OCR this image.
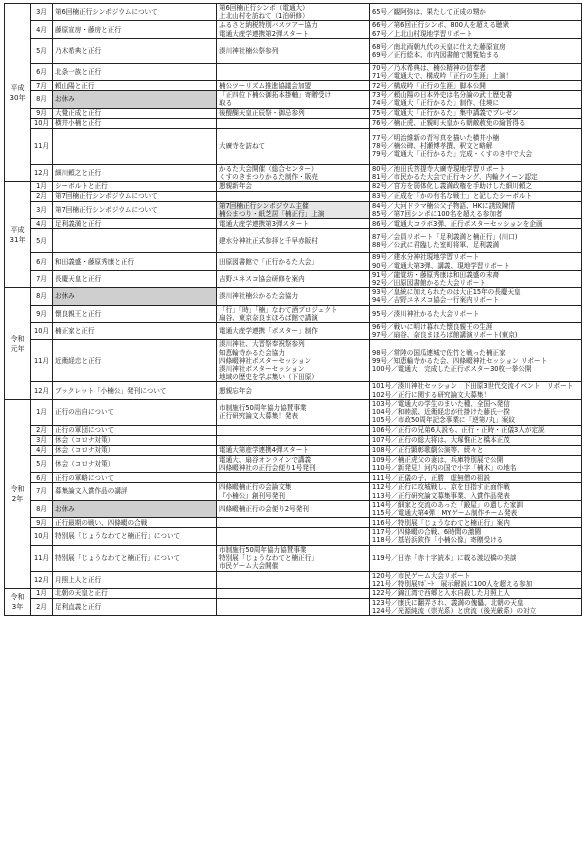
平成
30年	3月	第6回楠正行シンポジウムについて	第6回楠正行シンポ（電通大）
上北山村を訪ねて（1泊研修）	65号／観阿弥は、果たして正成の甥か

	4月	藤原宣房・藤房と正行	ふるさと納税特別バスツアー協力
電通大産学連携第2弾スタート	66号／第6回正行シンポ、800人を超える聴衆
67号／上北山村現地学習リポート

	5月	乃木希典と正行	湊川神社楠公祭参列	68号／南北両朝九代の天皇に仕えた藤原宣房
69号／正行絵本、市内図書館で閲覧始まる

	6月	北条一族と正行		70号／乃木希典は、楠公精神の信奉者
71号／電通大で、構成吟「正行の生涯」上演！

	7月	頼山陽と正行	楠公ツーリズム推進協議会加盟	72号／構成吟「正行の生涯」脚本公開

	8月	お休み	「正四位下楠公御拓本掛軸」寄贈受け
取る	73号／頼山陽の日本外史は名分論の武士歴史書
74号／電通大「正行かるた」制作、佳境に

	9月	大覺正成と正行	後醍醐天皇正辰祭・御忌参列	75号／電通大「正行かるた」集中講義でプレゼン

	10月	横井小楠と正行		76号／楠正虎、正親町天皇から朝敵赦免の綸旨得る

	11月		大廣寺を訪ねて	77号／明治維新の青写真を描いた横井小楠
78号／楠公碑、村瀬博孝撰、釈文と略解
79号／電通大「正行かるた」完成・くすのき中で大会

	12月	細川頼之と正行	かるた大会開催（総合センター）
くすのきまつりかるた制作・販売	80号／池田氏菩提寺大廣寺現地学習リポート
81号／市民かるた大会で正行キング、内輪クイーン認定

平成
31年	1月	シーボルトと正行	懇親新年会	82号／宮方を弱体化し義満政権を手助けした細川頼之

	2月	第7回楠正行シンポジウムについて		83号／正成を「かの有名な戦士」と記したシーボルト

	3月	第7回楠正行シンポジウムについて	第7回楠正行シンポジウム主催
楠公まつり・紙芝居「楠正行」上演	84号／大河ドラマ楠公父子物語、HKに誘致陳情
85号／第7回シンポに100名を超える参加者

	4月	足利義満と正行	電通大産学連携第3弾スタート	86号／電通大コラボ3弾、正行ポスターセッションを企画

	5月		建水分神社正式参拝と千早赤阪村	87号／会員リポート「足利義満と楠正行」(川口)
88号／公武に君臨した室町将軍、足利義満

	6月	和田義盛・藤原秀康と正行	田原図書館で「正行かるた大会」	89号／建水分神社現地学習リポート
90号／電通大第3弾、講義、現地学習リポート

	7月	長慶天皇と正行	吉野ユネスコ協会研修を案内	91号／龍覚坊・藤原秀康は和田義盛の末裔
92号／田原図書館かるた大会リポート

令和
元年	8月	お休み	湊川神社楠公かるた会協力	93号／皇統に加えられたのは大正15年の長慶天皇
94号／吉野ユネスコ協会一行案内リポート

	9月	懐良親王と正行	「行」「時」「楠」なわて酒プロジェクト
扇谷、東京奈良まほろば館で講演	95号／湊川神社かるた大会リポート

	10月	楠正家と正行	電通大産学連携「ポスター」制作	96号／戦いに明け暮れた懐良親王の生涯
97号／扇谷、奈良まほろば館講演リポート(東京)

	11月	近衛経忠と正行	湊川神社、大晋祭奉祝祭参列
知恵輪寺かるた会協力
四條畷神社ポスターセッション
湊川神社ポスターセッション
地域の歴史を学ぶ集い（下田原）	98号／常陸の国瓜連城で佐竹と戦った楠正家
99号／知恵輪寺かるた会、四條畷神社セッション リポート
100号／電通大　完成した正行ポスター30枚一挙公開

	12月	ブックレット「小楠公」発刊について	懇親忘年会	101号／湊川神社セッション　下田原3世代交流イベント　リポート
102号／正行に関する研究論文大募集！

令和
2年	1月	正行の出自について	市制施行50周年協力協賛事業
正行研究論文大募集！発表	103号／電通大の学生のまいた種、全国へ発信
104号／和睦派、近衛経忠が仕掛けた藤氏一揆
105号／市政50周年記念事業に「逆第ﾉ丸」案紋

	2月	正行の軍団について		106号／正行の兄弟6人説も、正行・正時・正儀3人が定説

	3月	休会（コロナ対策）		107号／正行の総大将は、大塚惟正と橋本正茂

	4月	休会（コロナ対策）	電通大第産学連携4弾スタート	108号／正行顕彰歌劇公演等、続々と

	5月	休会（コロナ対策）	電通大、扇谷オンラインで講義
四條畷神社の正行会便り1号発刊	109号／楠正虎父の妻は、兵庫特別展で公開
110号／新発見！河内の国で小字「楠木」の地名

	6月	正行の軍略について		111号／正儀の子、正勝　虚無僧の祖説

	7月	募集論文入賞作品の講評	四條畷楠正行の会論文集
『小楠公』創刊号発刊	112号／正行に攻城戦し、京を目指す正面作戦
113号／正行研究論文募集事業、入賞作品発表

	8月	お休み	四條畷楠正行の会便り2号発刊	114号／細家と交流のあった「鍛屋」の遺した家訓
115号／電通大第4弾　MYゲーム制作チーム発表

	9月	正行最期の戦い、四條畷の合戦		116号／特別展「じょうなわてと楠正行」案内

	10月	特別展「じょうなわてと楠正行」について		117号／四條畷の合戦、6時間の激闘
118号／基岩浜欽作「小楠公像」寄贈受ける

	11月	特別展「じょうなわてと楠正行」について	市制施行50周年協力協賛事業
特別展「じょうなわてと楠正行」
市民ゲーム大会開催	119号／日赤「赤十字読本」に載る渡辺橋の美談

	12月	月照上人と正行		120号／市民ゲーム大会リポート
121号／特別展ﾘﾎﾟｰﾄ　展示解説に100人を超える参加

令和
3年	1月	北朝の天皇と正行		122号／錦江湾で西郷と入水自殺した月照上人

	2月	足利直義と正行		123号／康氏に翻弄され、義満の傀儡、北朝の天皇
124号／光源純流（崇光系）と庶流（後光厳系）の対立
